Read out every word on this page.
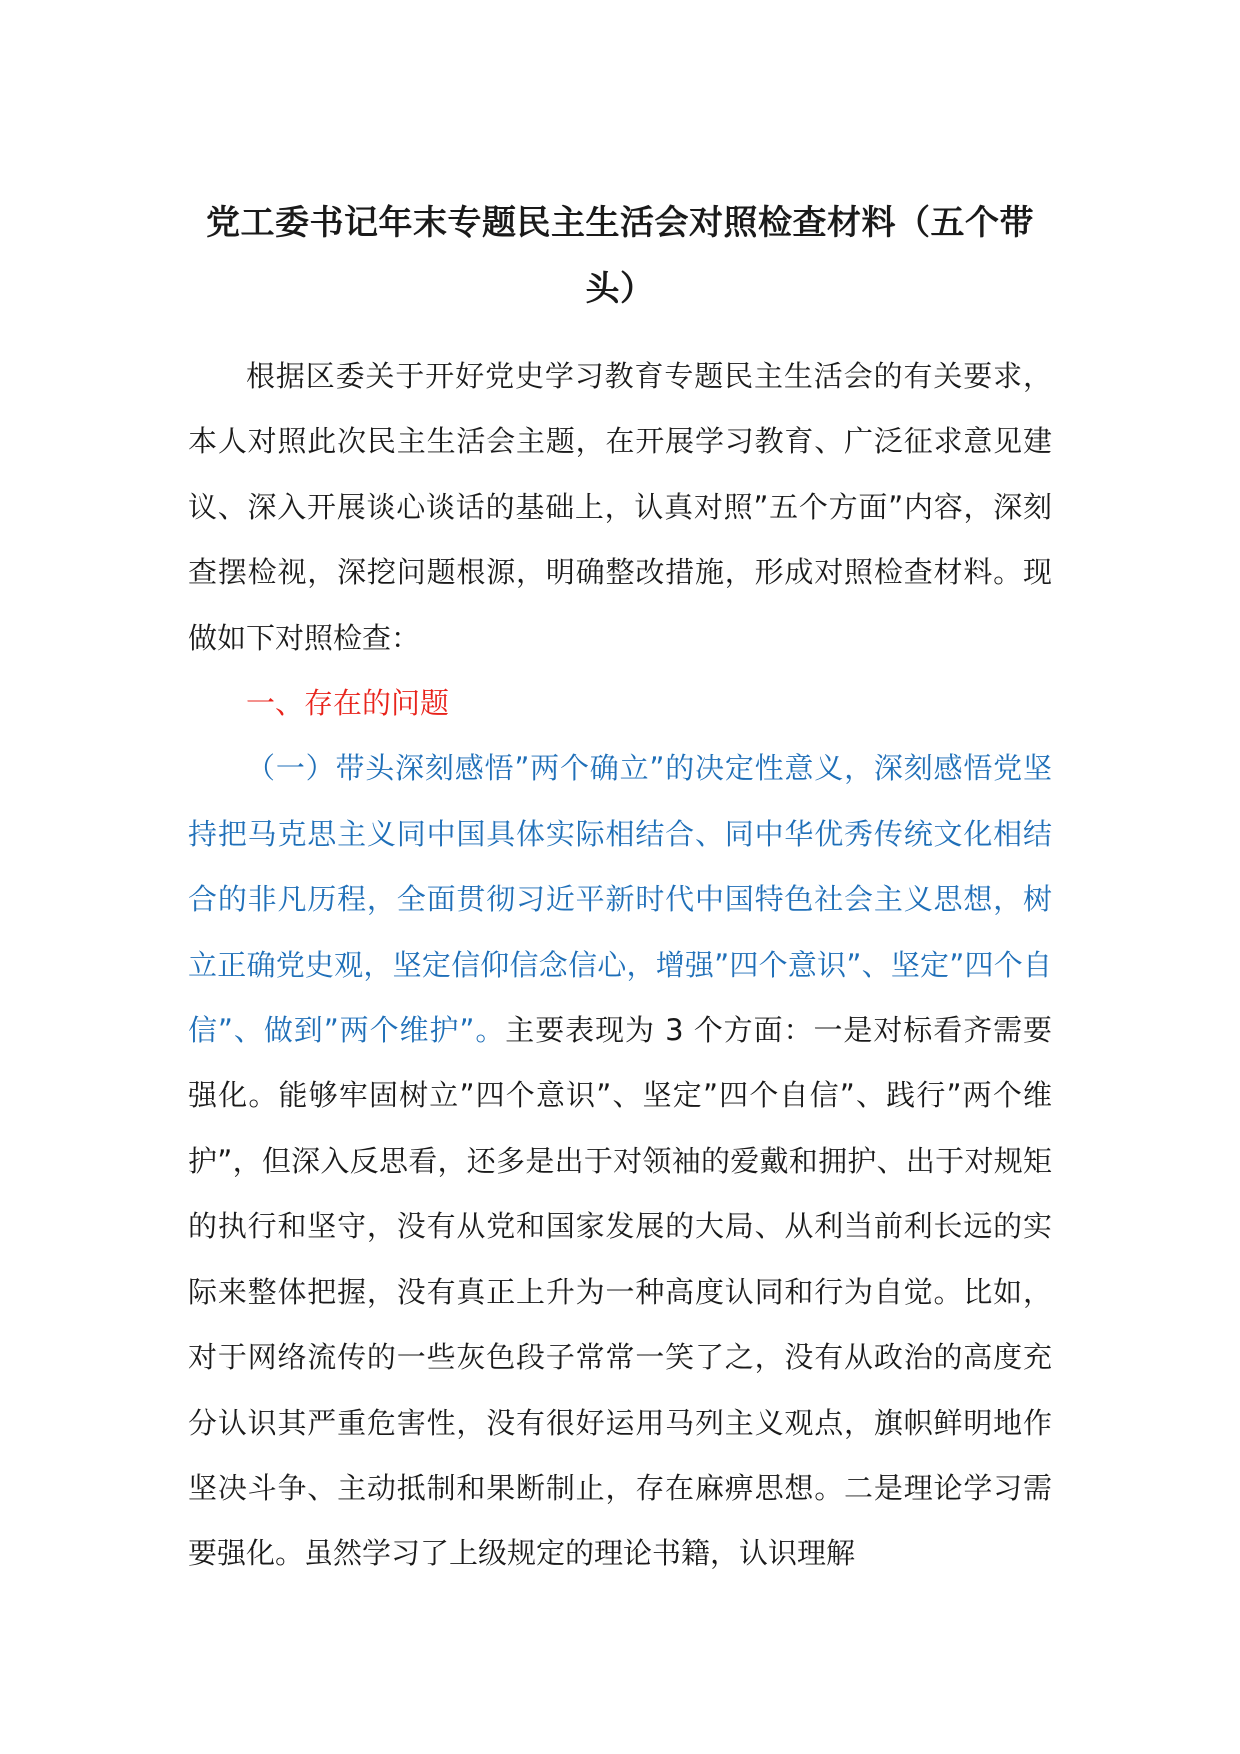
党工委书记年末专题民主生活会对照检查材料（五个带头）

根据区委关于开好党史学习教育专题民主生活会的有关要求，本人对照此次民主生活会主题，在开展学习教育、广泛征求意见建议、深入开展谈心谈话的基础上，认真对照”五个方面”内容，深刻查摆检视，深挖问题根源，明确整改措施，形成对照检查材料。现做如下对照检查：

一、存在的问题

（一）带头深刻感悟”两个确立”的决定性意义，深刻感悟党坚持把马克思主义同中国具体实际相结合、同中华优秀传统文化相结合的非凡历程，全面贯彻习近平新时代中国特色社会主义思想，树立正确党史观，坚定信仰信念信心，增强”四个意识”、坚定”四个自信”、做到”两个维护”。主要表现为 3 个方面：一是对标看齐需要强化。能够牢固树立”四个意识”、坚定”四个自信”、践行”两个维护”，但深入反思看，还多是出于对领袖的爱戴和拥护、出于对规矩的执行和坚守，没有从党和国家发展的大局、从利当前利长远的实际来整体把握，没有真正上升为一种高度认同和行为自觉。比如，对于网络流传的一些灰色段子常常一笑了之，没有从政治的高度充分认识其严重危害性，没有很好运用马列主义观点，旗帜鲜明地作坚决斗争、主动抵制和果断制止，存在麻痹思想。二是理论学习需要强化。虽然学习了上级规定的理论书籍，认识理解
